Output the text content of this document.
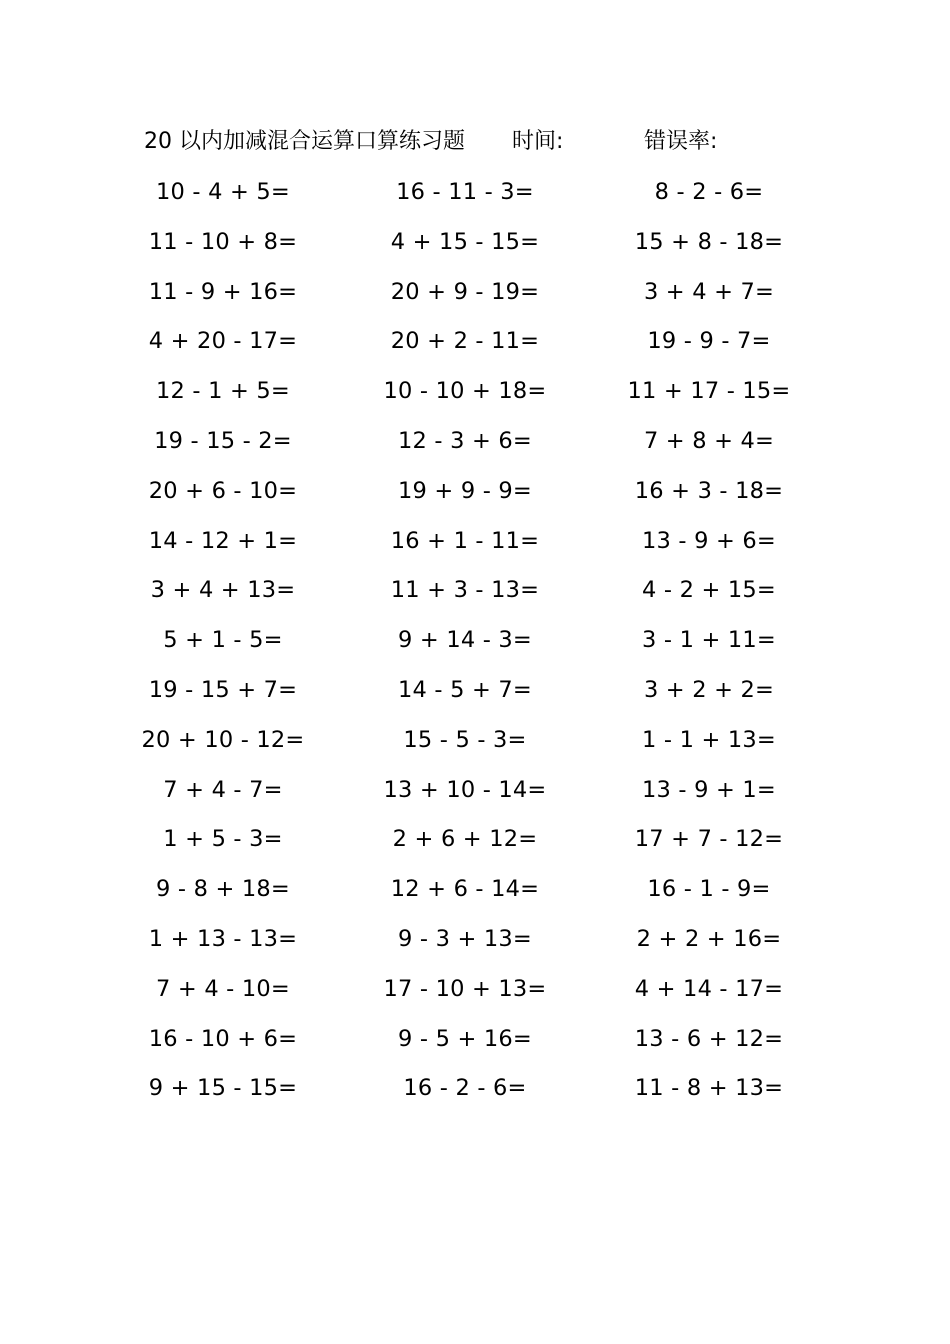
20 以内加减混合运算口算练习题 时间:	错误率:
10 - 4 + 5=	16 - 11 - 3=	8 - 2 - 6=
11 - 10 + 8=	4 + 15 - 15=	15 + 8 - 18=
11 - 9 + 16=	20 + 9 - 19=	3 + 4 + 7=
4 + 20 - 17=	20 + 2 - 11=	19 - 9 - 7=
12 - 1 + 5=	10 - 10 + 18=	11 + 17 - 15=
19 - 15 - 2=	12 - 3 + 6=	7 + 8 + 4=
20 + 6 - 10=	19 + 9 - 9=	16 + 3 - 18=
14 - 12 + 1=	16 + 1 - 11=	13 - 9 + 6=
3 + 4 + 13=	11 + 3 - 13=	4 - 2 + 15=
5 + 1 - 5=	9 + 14 - 3=	3 - 1 + 11=
19 - 15 + 7=	14 - 5 + 7=	3 + 2 + 2=
20 + 10 - 12=	15 - 5 - 3=	1 - 1 + 13=
7 + 4 - 7=	13 + 10 - 14=	13 - 9 + 1=
1 + 5 - 3=	2 + 6 + 12=	17 + 7 - 12=
9 - 8 + 18=	12 + 6 - 14=	16 - 1 - 9=
1 + 13 - 13=	9 - 3 + 13=	2 + 2 + 16=
7 + 4 - 10=	17 - 10 + 13=	4 + 14 - 17=
16 - 10 + 6=	9 - 5 + 16=	13 - 6 + 12=
9 + 15 - 15=	16 - 2 - 6=	11 - 8 + 13=
